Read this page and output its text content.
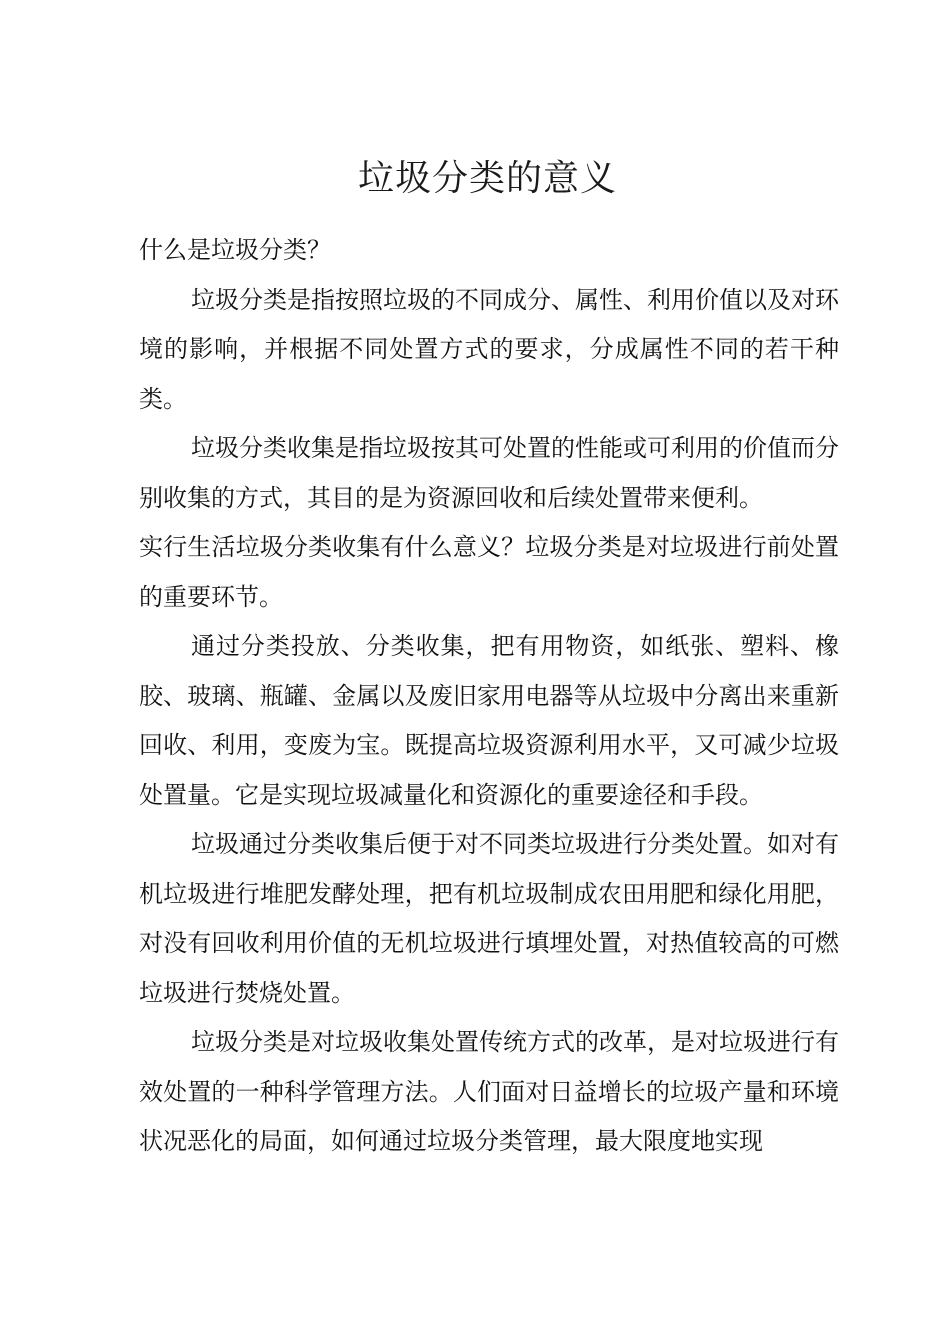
垃圾分类的意义

什么是垃圾分类？

垃圾分类是指按照垃圾的不同成分、属性、利用价值以及对环境的影响，并根据不同处置方式的要求，分成属性不同的若干种类。

垃圾分类收集是指垃圾按其可处置的性能或可利用的价值而分别收集的方式，其目的是为资源回收和后续处置带来便利。

实行生活垃圾分类收集有什么意义？垃圾分类是对垃圾进行前处置的重要环节。

通过分类投放、分类收集，把有用物资，如纸张、塑料、橡胶、玻璃、瓶罐、金属以及废旧家用电器等从垃圾中分离出来重新回收、利用，变废为宝。既提高垃圾资源利用水平，又可减少垃圾处置量。它是实现垃圾减量化和资源化的重要途径和手段。

垃圾通过分类收集后便于对不同类垃圾进行分类处置。如对有机垃圾进行堆肥发酵处理，把有机垃圾制成农田用肥和绿化用肥，对没有回收利用价值的无机垃圾进行填埋处置，对热值较高的可燃垃圾进行焚烧处置。

垃圾分类是对垃圾收集处置传统方式的改革，是对垃圾进行有效处置的一种科学管理方法。人们面对日益增长的垃圾产量和环境状况恶化的局面，如何通过垃圾分类管理，最大限度地实现
